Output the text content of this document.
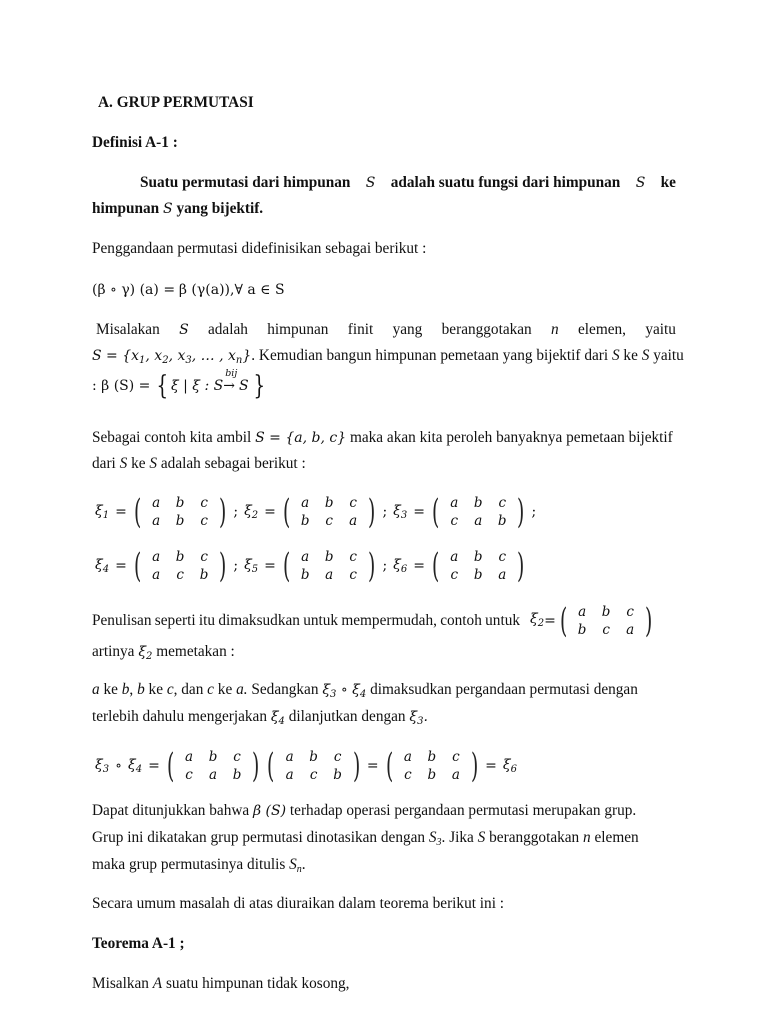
A. GRUP PERMUTASI
Definisi A-1 :
Suatu permutasi dari himpunan S adalah suatu fungsi dari himpunan S ke
himpunan S yang bijektif.
Penggandaan permutasi didefinisikan sebagai berikut :
(β ∘ γ) (a) = β (γ(a)),∀ a ∈ S
Misalakan S adalah himpunan finit yang beranggotakan n elemen, yaitu
$S = \{x_1$, $x_2$, $x_3$, … , $x_n$}. Kemudian bangun himpunan pemetaan yang bijektif dari S ke S yaitu
: β (S) = { ξ | ξ : S
bij
→ S }
Sebagai contoh kita ambil S = {a, b, c} maka akan kita peroleh banyaknya pemetaan bijektif
dari S ke S adalah sebagai berikut :
$\xi_1$ = ( a	b	c
a	b	c ) ; $\xi_2$ = ( a	b	c
b	c	a ) ; $\xi_3$ = ( a	b	c
c	a	b ) ;
$\xi_4$ = ( a	b	c
a	c	b ) ; $\xi_5$ = ( a	b	c
b	a	c ) ; $\xi_6$ = ( a	b	c
c	b	a )
Penulisan seperti itu dimaksudkan untuk mempermudah, contoh untuk $\xi_2$ = ( a	b	c
b	c	a )
artinya $\xi_2$ memetakan :
a ke b, b ke c, dan c ke a. Sedangkan $\xi_3$ ∘ $\xi_4$ dimaksudkan pergandaan permutasi dengan
terlebih dahulu mengerjakan $\xi_4$ dilanjutkan dengan $\xi_3$.
$\xi_3$ ∘ $\xi_4$ = ( a	b	c
c	a	b ) ( a	b	c
a	c	b ) = ( a	b	c
c	b	a ) = $\xi_6$
Dapat ditunjukkan bahwa β (S) terhadap operasi pergandaan permutasi merupakan grup.
Grup ini dikatakan grup permutasi dinotasikan dengan $S_3$. Jika S beranggotakan n elemen
maka grup permutasinya ditulis $S_n$.
Secara umum masalah di atas diuraikan dalam teorema berikut ini :
Teorema A-1 ;
Misalkan A suatu himpunan tidak kosong,
